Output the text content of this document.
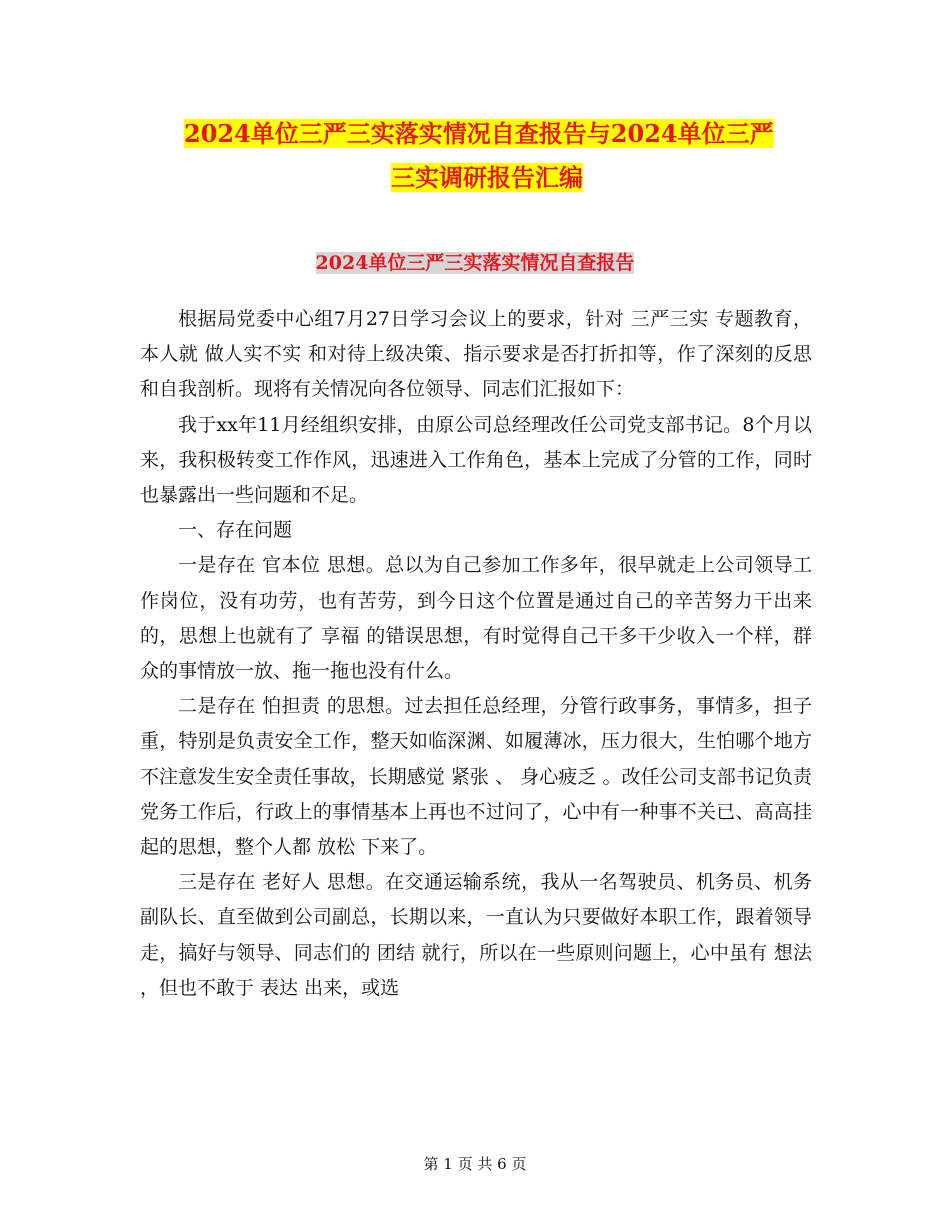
2024单位三严三实落实情况自查报告与2024单位三严
三实调研报告汇编
2024单位三严三实落实情况自查报告

根据局党委中心组7月27日学习会议上的要求，针对 三严三实 专题教育，本人就 做人实不实 和对待上级决策、指示要求是否打折扣等，作了深刻的反思和自我剖析。现将有关情况向各位领导、同志们汇报如下：

我于xx年11月经组织安排，由原公司总经理改任公司党支部书记。8个月以来，我积极转变工作作风，迅速进入工作角色，基本上完成了分管的工作，同时也暴露出一些问题和不足。

一、存在问题

一是存在 官本位 思想。总以为自己参加工作多年，很早就走上公司领导工作岗位，没有功劳，也有苦劳，到今日这个位置是通过自己的辛苦努力干出来的，思想上也就有了 享福 的错误思想，有时觉得自己干多干少收入一个样，群众的事情放一放、拖一拖也没有什么。

二是存在 怕担责 的思想。过去担任总经理，分管行政事务，事情多，担子重，特别是负责安全工作，整天如临深渊、如履薄冰，压力很大，生怕哪个地方不注意发生安全责任事故，长期感觉 紧张 、 身心疲乏 。改任公司支部书记负责党务工作后，行政上的事情基本上再也不过问了，心中有一种事不关已、高高挂起的思想，整个人都 放松 下来了。

三是存在 老好人 思想。在交通运输系统，我从一名驾驶员、机务员、机务副队长、直至做到公司副总，长期以来，一直认为只要做好本职工作，跟着领导走，搞好与领导、同志们的 团结 就行，所以在一些原则问题上，心中虽有 想法 ，但也不敢于 表达 出来，或选

第 1 页 共 6 页
